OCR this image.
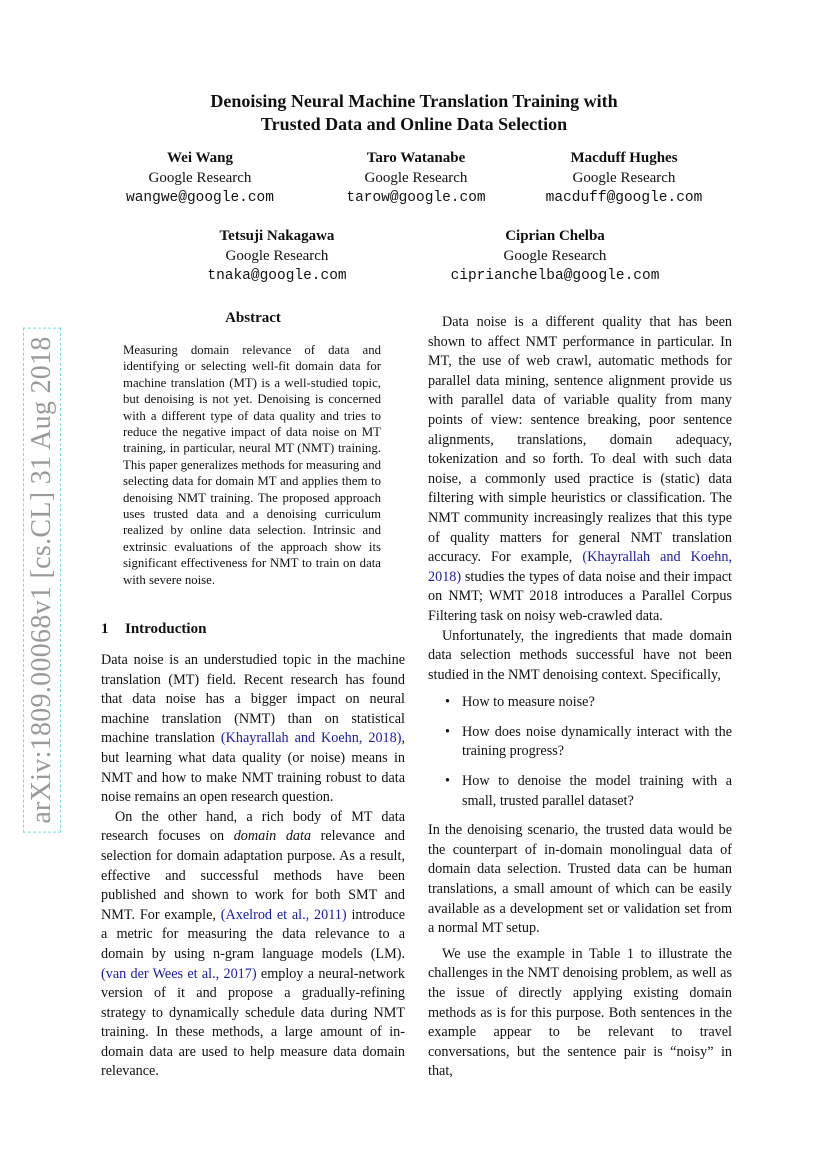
Denoising Neural Machine Translation Training with
Trusted Data and Online Data Selection
Wei Wang
Google Research
wangwe@google.com
Taro Watanabe
Google Research
tarow@google.com
Macduff Hughes
Google Research
macduff@google.com
Tetsuji Nakagawa
Google Research
tnaka@google.com
Ciprian Chelba
Google Research
ciprianchelba@google.com
arXiv:1809.00068v1 [cs.CL] 31 Aug 2018
Abstract
Measuring domain relevance of data and identifying or selecting well-fit domain data for machine translation (MT) is a well-studied topic, but denoising is not yet. Denoising is concerned with a different type of data quality and tries to reduce the negative impact of data noise on MT training, in particular, neural MT (NMT) training. This paper generalizes methods for measuring and selecting data for domain MT and applies them to denoising NMT training. The proposed approach uses trusted data and a denoising curriculum realized by online data selection. Intrinsic and extrinsic evaluations of the approach show its significant effectiveness for NMT to train on data with severe noise.
1 Introduction

Data noise is an understudied topic in the machine translation (MT) field. Recent research has found that data noise has a bigger impact on neural machine translation (NMT) than on statistical machine translation (Khayrallah and Koehn, 2018), but learning what data quality (or noise) means in NMT and how to make NMT training robust to data noise remains an open research question.

On the other hand, a rich body of MT data research focuses on domain data relevance and selection for domain adaptation purpose. As a result, effective and successful methods have been published and shown to work for both SMT and NMT. For example, (Axelrod et al., 2011) introduce a metric for measuring the data relevance to a domain by using n-gram language models (LM). (van der Wees et al., 2017) employ a neural-network version of it and propose a gradually-refining strategy to dynamically schedule data during NMT training. In these methods, a large amount of in-domain data are used to help measure data domain relevance.

Data noise is a different quality that has been shown to affect NMT performance in particular. In MT, the use of web crawl, automatic methods for parallel data mining, sentence alignment provide us with parallel data of variable quality from many points of view: sentence breaking, poor sentence alignments, translations, domain adequacy, tokenization and so forth. To deal with such data noise, a commonly used practice is (static) data filtering with simple heuristics or classification. The NMT community increasingly realizes that this type of quality matters for general NMT translation accuracy. For example, (Khayrallah and Koehn, 2018) studies the types of data noise and their impact on NMT; WMT 2018 introduces a Parallel Corpus Filtering task on noisy web-crawled data.

Unfortunately, the ingredients that made domain data selection methods successful have not been studied in the NMT denoising context. Specifically,

• How to measure noise?
• How does noise dynamically interact with the training progress?
• How to denoise the model training with a small, trusted parallel dataset?

In the denoising scenario, the trusted data would be the counterpart of in-domain monolingual data of domain data selection. Trusted data can be human translations, a small amount of which can be easily available as a development set or validation set from a normal MT setup.

We use the example in Table 1 to illustrate the challenges in the NMT denoising problem, as well as the issue of directly applying existing domain methods as is for this purpose. Both sentences in the example appear to be relevant to travel conversations, but the sentence pair is “noisy” in that,
